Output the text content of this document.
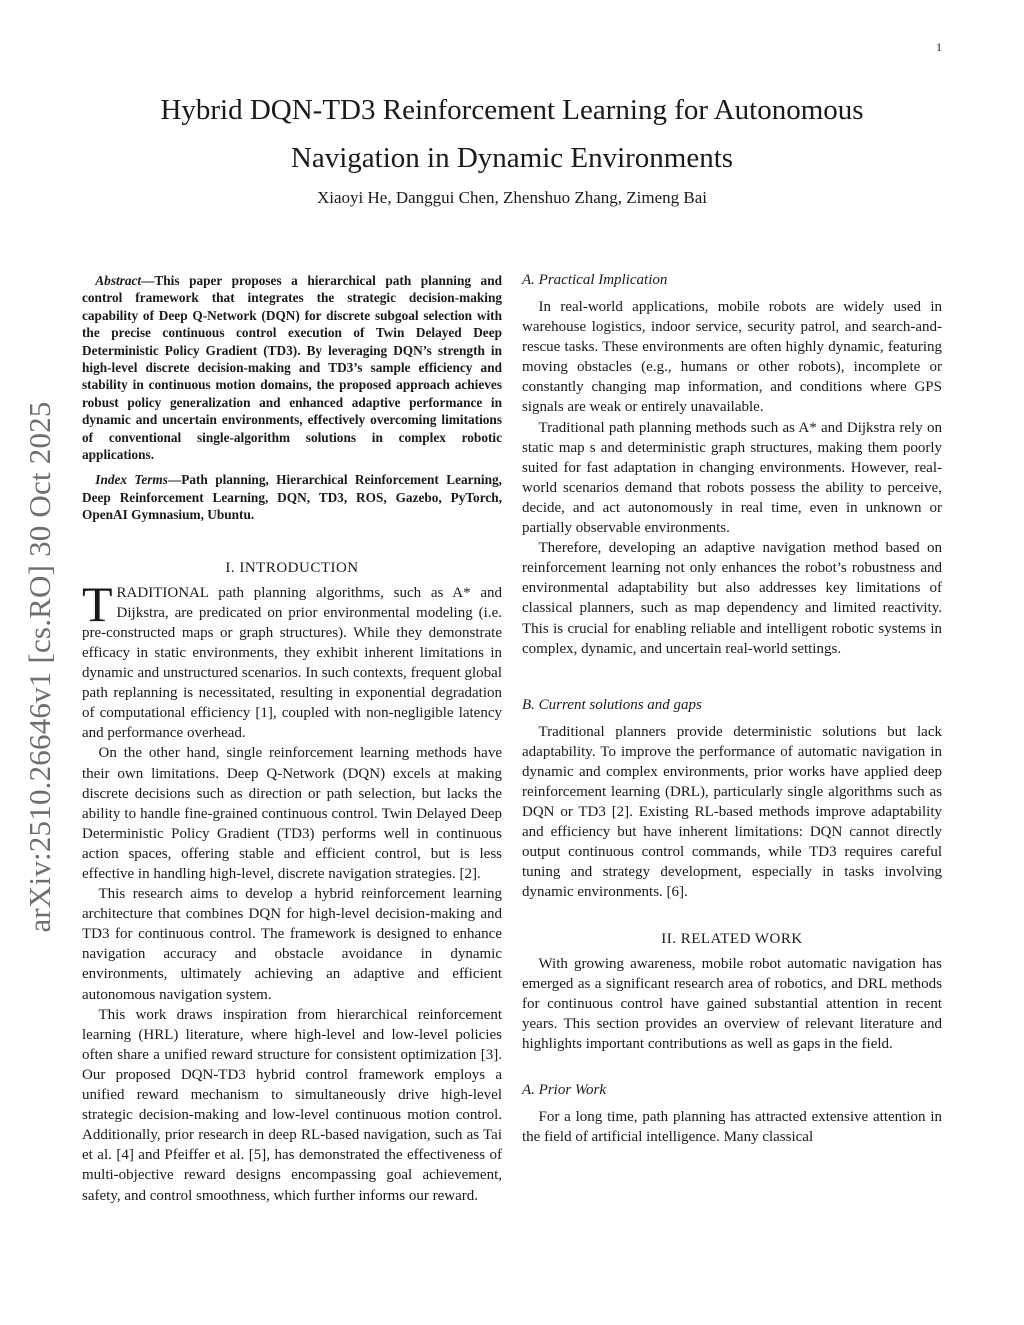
1
arXiv:2510.26646v1 [cs.RO] 30 Oct 2025
Hybrid DQN-TD3 Reinforcement Learning for Autonomous
Navigation in Dynamic Environments
Xiaoyi He, Danggui Chen, Zhenshuo Zhang, Zimeng Bai

Abstract—This paper proposes a hierarchical path planning and control framework that integrates the strategic decision-making capability of Deep Q-Network (DQN) for discrete subgoal selection with the precise continuous control execution of Twin Delayed Deep Deterministic Policy Gradient (TD3). By leveraging DQN’s strength in high-level discrete decision-making and TD3’s sample efficiency and stability in continuous motion domains, the proposed approach achieves robust policy generalization and enhanced adaptive performance in dynamic and uncertain environments, effectively overcoming limitations of conventional single-algorithm solutions in complex robotic applications.

Index Terms—Path planning, Hierarchical Reinforcement Learning, Deep Reinforcement Learning, DQN, TD3, ROS, Gazebo, PyTorch, OpenAI Gymnasium, Ubuntu.

I. INTRODUCTION

TRADITIONAL path planning algorithms, such as A* and Dijkstra, are predicated on prior environmental modeling (i.e. pre-constructed maps or graph structures). While they demonstrate efficacy in static environments, they exhibit inherent limitations in dynamic and unstructured scenarios. In such contexts, frequent global path replanning is necessitated, resulting in exponential degradation of computational efficiency [1], coupled with non-negligible latency and performance overhead.

On the other hand, single reinforcement learning methods have their own limitations. Deep Q-Network (DQN) excels at making discrete decisions such as direction or path selection, but lacks the ability to handle fine-grained continuous control. Twin Delayed Deep Deterministic Policy Gradient (TD3) performs well in continuous action spaces, offering stable and efficient control, but is less effective in handling high-level, discrete navigation strategies. [2].

This research aims to develop a hybrid reinforcement learning architecture that combines DQN for high-level decision-making and TD3 for continuous control. The framework is designed to enhance navigation accuracy and obstacle avoidance in dynamic environments, ultimately achieving an adaptive and efficient autonomous navigation system.

This work draws inspiration from hierarchical reinforcement learning (HRL) literature, where high-level and low-level policies often share a unified reward structure for consistent optimization [3]. Our proposed DQN-TD3 hybrid control framework employs a unified reward mechanism to simultaneously drive high-level strategic decision-making and low-level continuous motion control. Additionally, prior research in deep RL-based navigation, such as Tai et al. [4] and Pfeiffer et al. [5], has demonstrated the effectiveness of multi-objective reward designs encompassing goal achievement, safety, and control smoothness, which further informs our reward.

A. Practical Implication

In real-world applications, mobile robots are widely used in warehouse logistics, indoor service, security patrol, and search-and-rescue tasks. These environments are often highly dynamic, featuring moving obstacles (e.g., humans or other robots), incomplete or constantly changing map information, and conditions where GPS signals are weak or entirely unavailable.

Traditional path planning methods such as A* and Dijkstra rely on static map s and deterministic graph structures, making them poorly suited for fast adaptation in changing environments. However, real-world scenarios demand that robots possess the ability to perceive, decide, and act autonomously in real time, even in unknown or partially observable environments.

Therefore, developing an adaptive navigation method based on reinforcement learning not only enhances the robot’s robustness and environmental adaptability but also addresses key limitations of classical planners, such as map dependency and limited reactivity. This is crucial for enabling reliable and intelligent robotic systems in complex, dynamic, and uncertain real-world settings.

B. Current solutions and gaps

Traditional planners provide deterministic solutions but lack adaptability. To improve the performance of automatic navigation in dynamic and complex environments, prior works have applied deep reinforcement learning (DRL), particularly single algorithms such as DQN or TD3 [2]. Existing RL-based methods improve adaptability and efficiency but have inherent limitations: DQN cannot directly output continuous control commands, while TD3 requires careful tuning and strategy development, especially in tasks involving dynamic environments. [6].

II. RELATED WORK

With growing awareness, mobile robot automatic navigation has emerged as a significant research area of robotics, and DRL methods for continuous control have gained substantial attention in recent years. This section provides an overview of relevant literature and highlights important contributions as well as gaps in the field.

A. Prior Work

For a long time, path planning has attracted extensive attention in the field of artificial intelligence. Many classical
